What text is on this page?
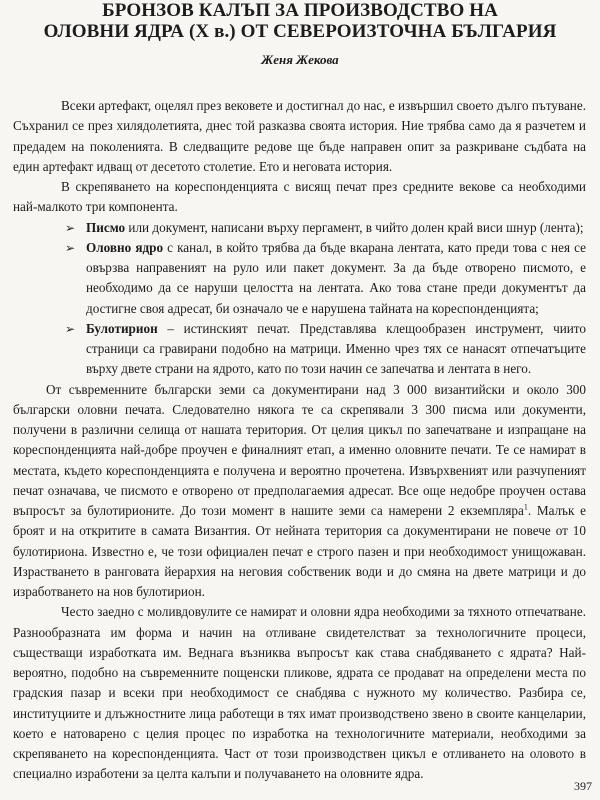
БРОНЗОВ КАЛЪП ЗА ПРОИЗВОДСТВО НА
ОЛОВНИ ЯДРА (X в.) ОТ СЕВЕРОИЗТОЧНА БЪЛГАРИЯ
Женя Жекова

Всеки артефакт, оцелял през вековете и достигнал до нас, е извършил своето дълго пътуване. Съхранил се през хилядолетията, днес той разказва своята история. Ние трябва само да я разчетем и предадем на поколенията. В следващите редове ще бъде направен опит за разкриване съдбата на един артефакт идващ от десетото столетие. Ето и неговата история.

В скрепяването на кореспонденцията с висящ печат през средните векове са необходими най-малкото три компонента.

➢ Писмо или документ, написани върху пергамент, в чийто долен край виси шнур (лента);
➢ Оловно ядро с канал, в който трябва да бъде вкарана лентата, като преди това с нея се овързва направеният на руло или пакет документ. За да бъде отворено писмото, е необходимо да се наруши целостта на лентата. Ако това стане преди документът да достигне своя адресат, би означало че е нарушена тайната на кореспонденцията;
➢ Булотирион – истинският печат. Представлява клещообразен инструмент, чиито страници са гравирани подобно на матрици. Именно чрез тях се нанасят отпечатъците върху двете страни на ядрото, като по този начин се запечатва и лентата в него.

От съвременните български земи са документирани над 3 000 византийски и около 300 български оловни печата. Следователно някога те са скрепявали 3 300 писма или документи, получени в различни селища от нашата територия. От целия цикъл по запечатване и изпращане на кореспонденцията най-добре проучен е финалният етап, а именно оловните печати. Те се намират в местата, където кореспонденцията е получена и вероятно прочетена. Извърхвеният или разчупеният печат означава, че писмото е отворено от предполагаемия адресат. Все още недобре проучен остава въпросът за булотирионите. До този момент в нашите земи са намерени 2 екземпляра$^1$. Малък е броят и на откритите в самата Византия. От нейната територия са документирани не повече от 10 булотириона. Известно е, че този официален печат е строго пазен и при необходимост унищожаван. Израстването в ранговата йерархия на неговия собственик води и до смяна на двете матрици и до изработването на нов булотирион.

Често заедно с моливдовулите се намират и оловни ядра необходими за тяхното отпечатване. Разнообразната им форма и начин на отливане свидетелстват за технологичните процеси, съществащи изработката им. Веднага възниква въпросът как става снабдяването с ядрата? Най-вероятно, подобно на съвременните пощенски пликове, ядрата се продават на определени места по градския пазар и всеки при необходимост се снабдява с нужното му количество. Разбира се, институциите и длъжностните лица работещи в тях имат производствено звено в своите канцеларии, което е натоварено с целия процес по изработка на технологичните материали, необходими за скрепяването на кореспонденцията. Част от този производствен цикъл е отливането на оловото в специално изработени за целта калъпи и получаването на оловните ядра.

397
